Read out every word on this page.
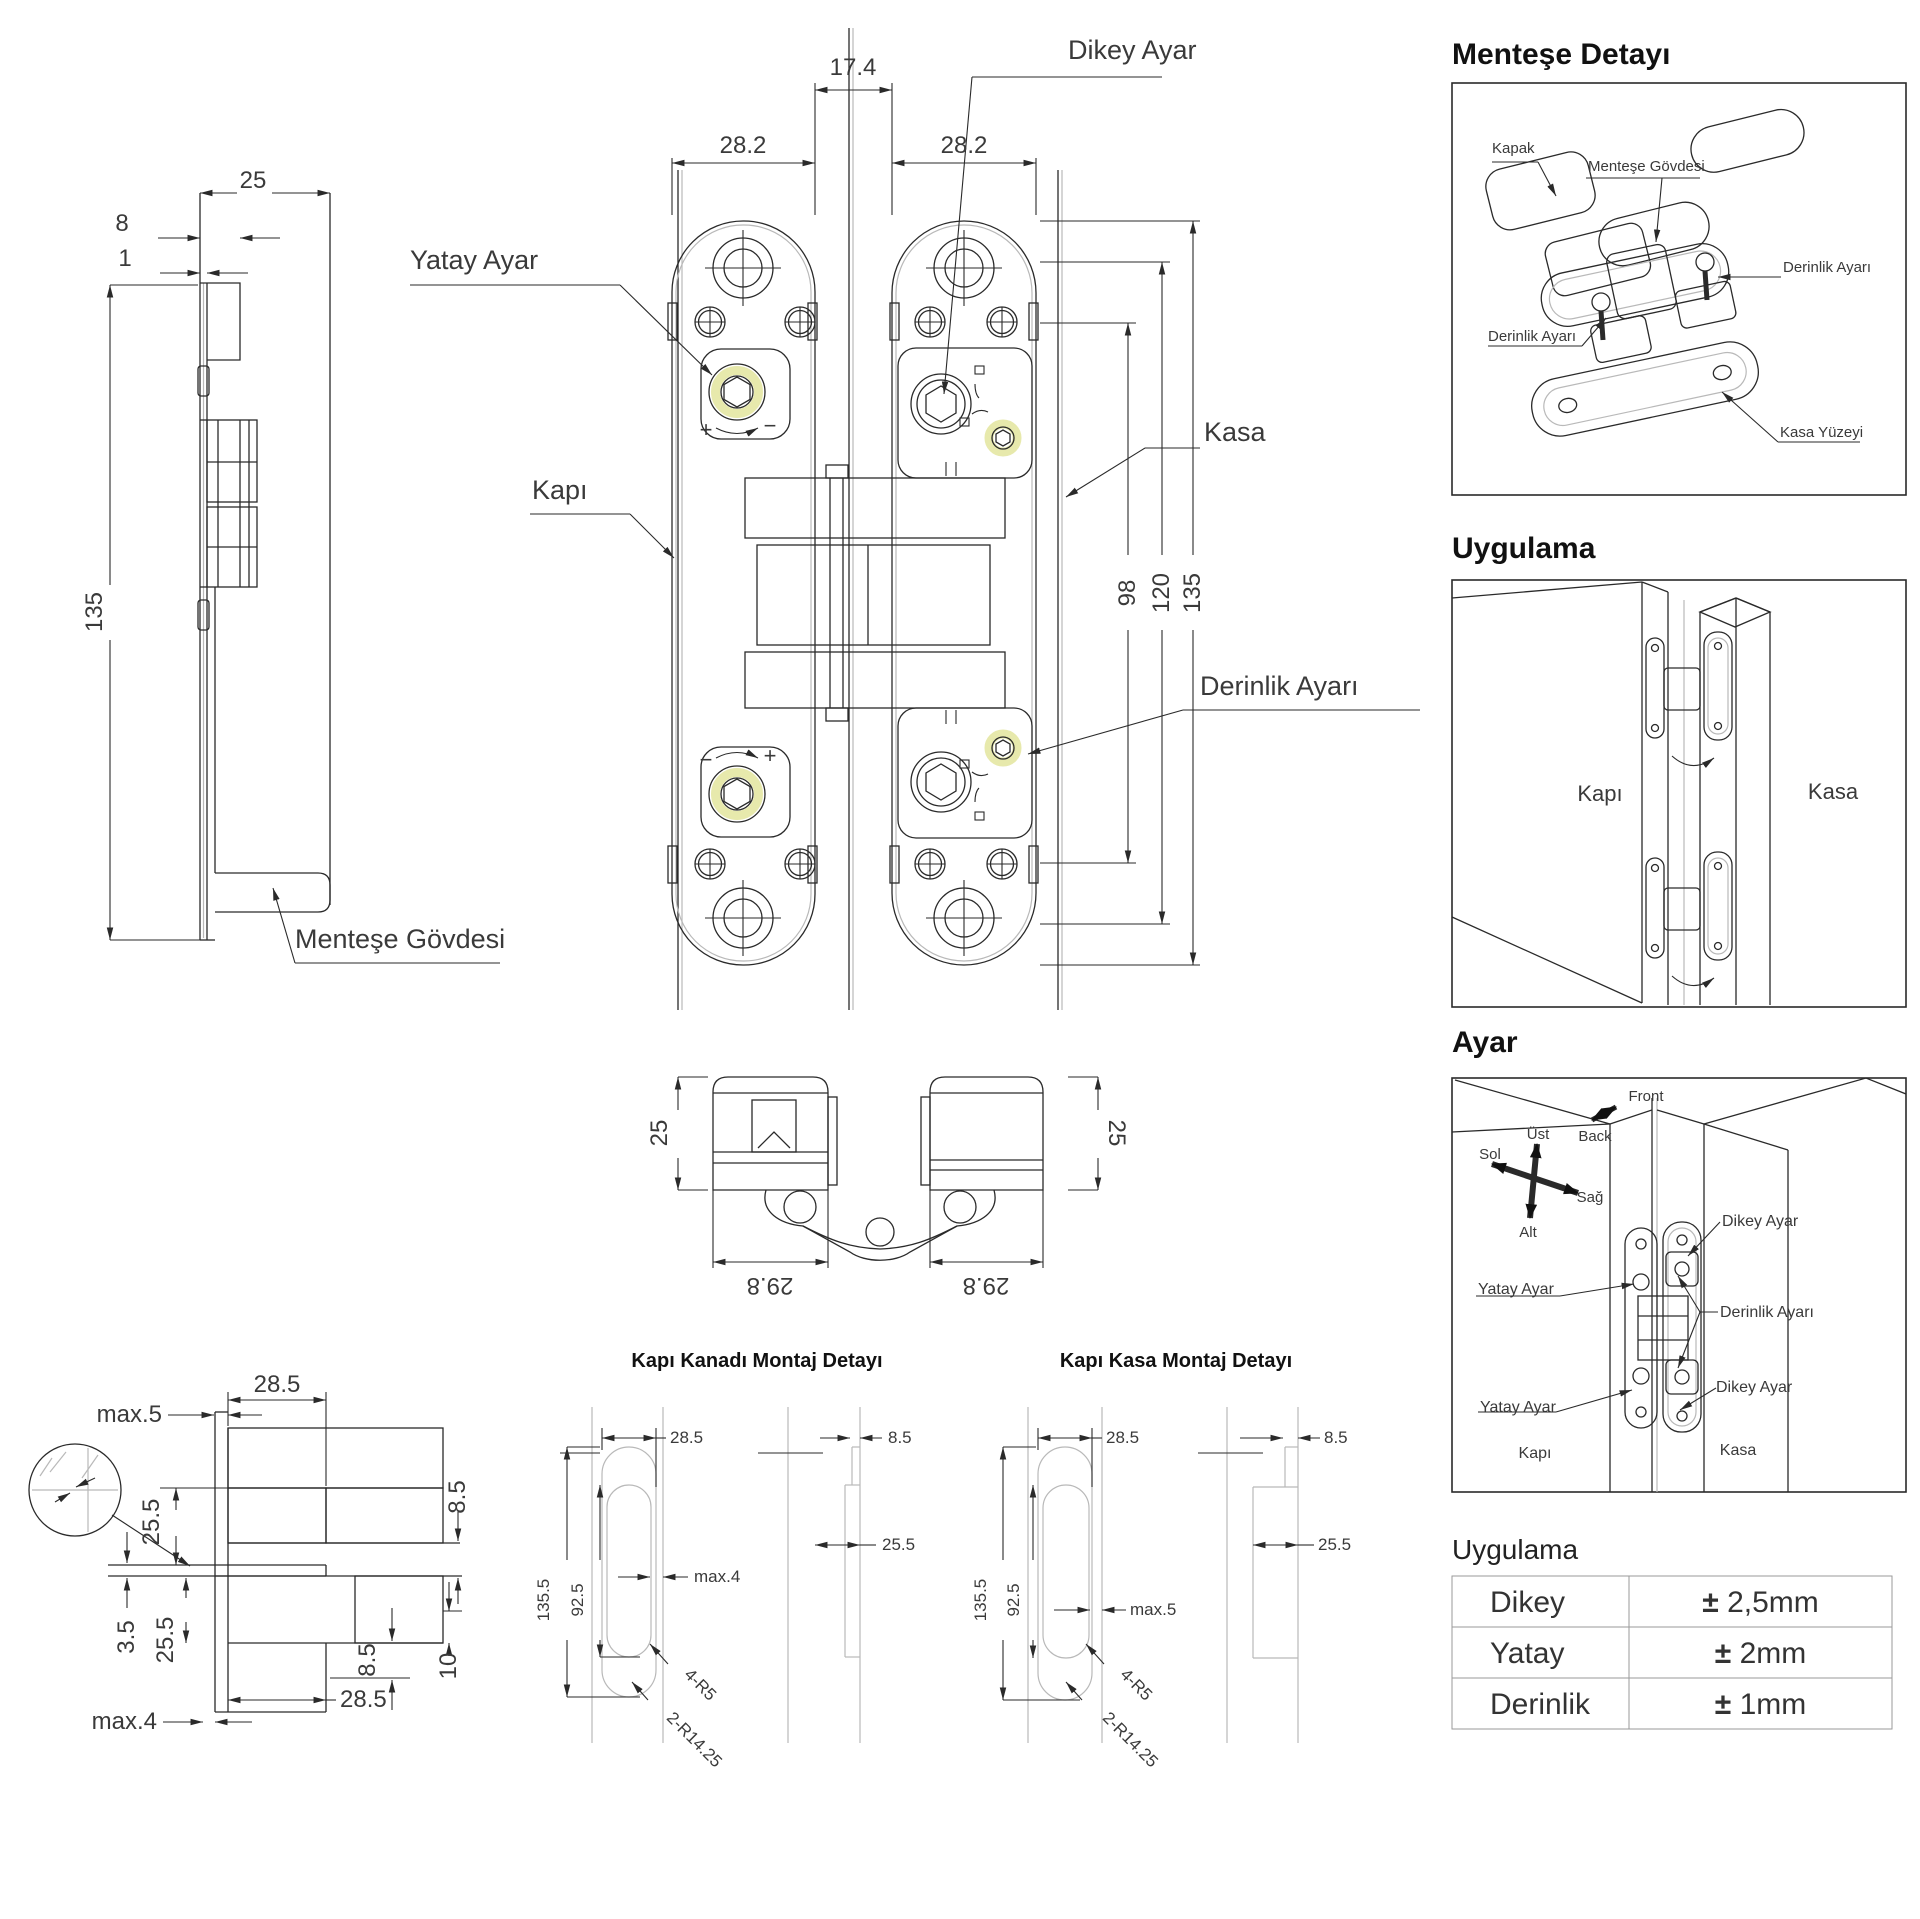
25
8
1
135
Menteşe Gövdesi
17.4
28.2	28.2
Dikey Ayar
Yatay Ayar
Kapı
Kasa
Derinlik Ayarı
98 120 135
+	−
−	+
25	25
29.8	29.8
28.5
max.5
25.5
3.5 25.5
max.4
28.5
8.5
8.5 10
Kapı Kanadı Montaj Detayı
28.5
135.5 92.5
max.4
4-R5
2-R14.25
8.5
25.5
Kapı Kasa Montaj Detayı
28.5
135.5 92.5	max.5
4-R5
2-R14.25
8.5
25.5
Menteşe Detayı
Kapak
Menteşe Gövdesi
Derinlik Ayarı
Derinlik Ayarı
Kasa Yüzeyi
Uygulama
Kapı	Kasa
Ayar
Front
Back
Üst
Sol
Sağ
Alt
Dikey Ayar
Yatay Ayar
Derinlik Ayarı
Dikey Ayar
Yatay Ayar
Kapı	Kasa
Uygulama
Dikey	± 2,5mm
Yatay	± 2mm
Derinlik	± 1mm
